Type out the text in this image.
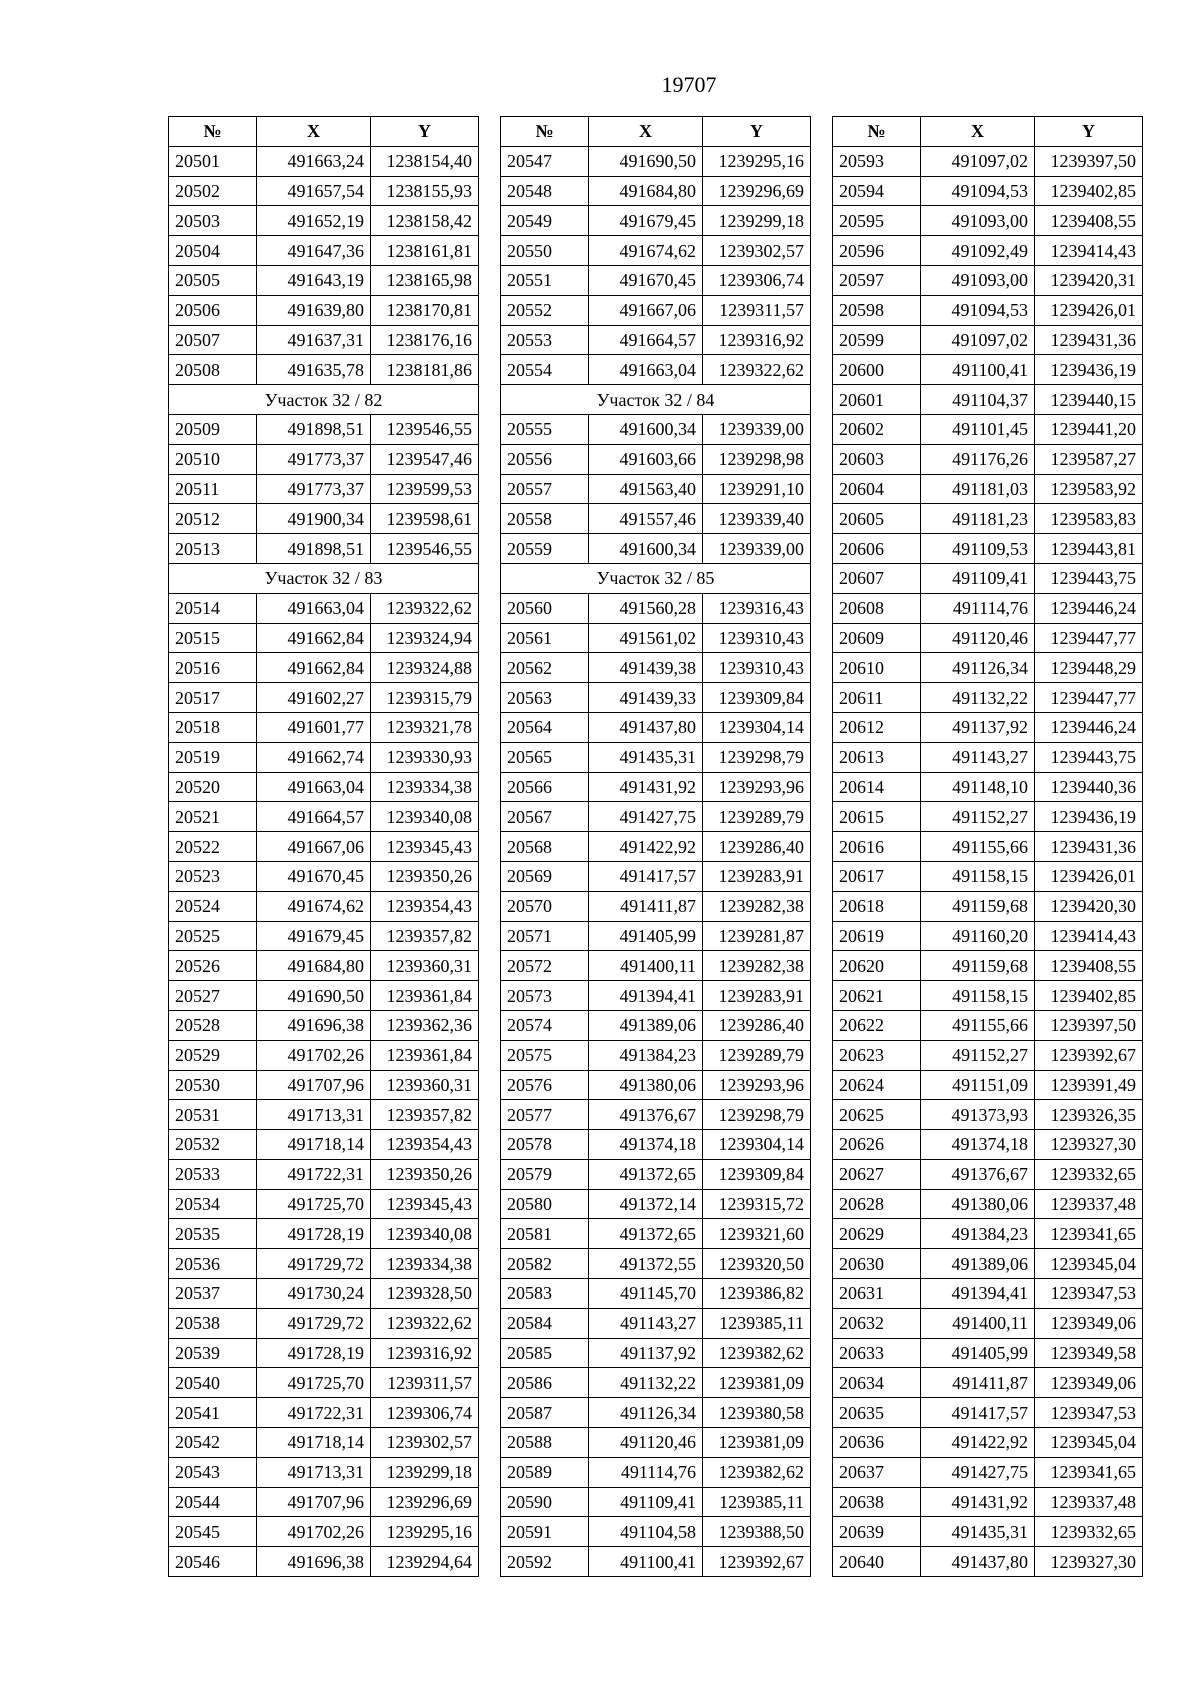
19707
№	X	Y
20501	491663,24	1238154,40
20502	491657,54	1238155,93
20503	491652,19	1238158,42
20504	491647,36	1238161,81
20505	491643,19	1238165,98
20506	491639,80	1238170,81
20507	491637,31	1238176,16
20508	491635,78	1238181,86
Участок 32 / 82		
20509	491898,51	1239546,55
20510	491773,37	1239547,46
20511	491773,37	1239599,53
20512	491900,34	1239598,61
20513	491898,51	1239546,55
Участок 32 / 83		
20514	491663,04	1239322,62
20515	491662,84	1239324,94
20516	491662,84	1239324,88
20517	491602,27	1239315,79
20518	491601,77	1239321,78
20519	491662,74	1239330,93
20520	491663,04	1239334,38
20521	491664,57	1239340,08
20522	491667,06	1239345,43
20523	491670,45	1239350,26
20524	491674,62	1239354,43
20525	491679,45	1239357,82
20526	491684,80	1239360,31
20527	491690,50	1239361,84
20528	491696,38	1239362,36
20529	491702,26	1239361,84
20530	491707,96	1239360,31
20531	491713,31	1239357,82
20532	491718,14	1239354,43
20533	491722,31	1239350,26
20534	491725,70	1239345,43
20535	491728,19	1239340,08
20536	491729,72	1239334,38
20537	491730,24	1239328,50
20538	491729,72	1239322,62
20539	491728,19	1239316,92
20540	491725,70	1239311,57
20541	491722,31	1239306,74
20542	491718,14	1239302,57
20543	491713,31	1239299,18
20544	491707,96	1239296,69
20545	491702,26	1239295,16
20546	491696,38	1239294,64
№	X	Y
20547	491690,50	1239295,16
20548	491684,80	1239296,69
20549	491679,45	1239299,18
20550	491674,62	1239302,57
20551	491670,45	1239306,74
20552	491667,06	1239311,57
20553	491664,57	1239316,92
20554	491663,04	1239322,62
Участок 32 / 84		
20555	491600,34	1239339,00
20556	491603,66	1239298,98
20557	491563,40	1239291,10
20558	491557,46	1239339,40
20559	491600,34	1239339,00
Участок 32 / 85		
20560	491560,28	1239316,43
20561	491561,02	1239310,43
20562	491439,38	1239310,43
20563	491439,33	1239309,84
20564	491437,80	1239304,14
20565	491435,31	1239298,79
20566	491431,92	1239293,96
20567	491427,75	1239289,79
20568	491422,92	1239286,40
20569	491417,57	1239283,91
20570	491411,87	1239282,38
20571	491405,99	1239281,87
20572	491400,11	1239282,38
20573	491394,41	1239283,91
20574	491389,06	1239286,40
20575	491384,23	1239289,79
20576	491380,06	1239293,96
20577	491376,67	1239298,79
20578	491374,18	1239304,14
20579	491372,65	1239309,84
20580	491372,14	1239315,72
20581	491372,65	1239321,60
20582	491372,55	1239320,50
20583	491145,70	1239386,82
20584	491143,27	1239385,11
20585	491137,92	1239382,62
20586	491132,22	1239381,09
20587	491126,34	1239380,58
20588	491120,46	1239381,09
20589	491114,76	1239382,62
20590	491109,41	1239385,11
20591	491104,58	1239388,50
20592	491100,41	1239392,67
№	X	Y
20593	491097,02	1239397,50
20594	491094,53	1239402,85
20595	491093,00	1239408,55
20596	491092,49	1239414,43
20597	491093,00	1239420,31
20598	491094,53	1239426,01
20599	491097,02	1239431,36
20600	491100,41	1239436,19
20601	491104,37	1239440,15
20602	491101,45	1239441,20
20603	491176,26	1239587,27
20604	491181,03	1239583,92
20605	491181,23	1239583,83
20606	491109,53	1239443,81
20607	491109,41	1239443,75
20608	491114,76	1239446,24
20609	491120,46	1239447,77
20610	491126,34	1239448,29
20611	491132,22	1239447,77
20612	491137,92	1239446,24
20613	491143,27	1239443,75
20614	491148,10	1239440,36
20615	491152,27	1239436,19
20616	491155,66	1239431,36
20617	491158,15	1239426,01
20618	491159,68	1239420,30
20619	491160,20	1239414,43
20620	491159,68	1239408,55
20621	491158,15	1239402,85
20622	491155,66	1239397,50
20623	491152,27	1239392,67
20624	491151,09	1239391,49
20625	491373,93	1239326,35
20626	491374,18	1239327,30
20627	491376,67	1239332,65
20628	491380,06	1239337,48
20629	491384,23	1239341,65
20630	491389,06	1239345,04
20631	491394,41	1239347,53
20632	491400,11	1239349,06
20633	491405,99	1239349,58
20634	491411,87	1239349,06
20635	491417,57	1239347,53
20636	491422,92	1239345,04
20637	491427,75	1239341,65
20638	491431,92	1239337,48
20639	491435,31	1239332,65
20640	491437,80	1239327,30
